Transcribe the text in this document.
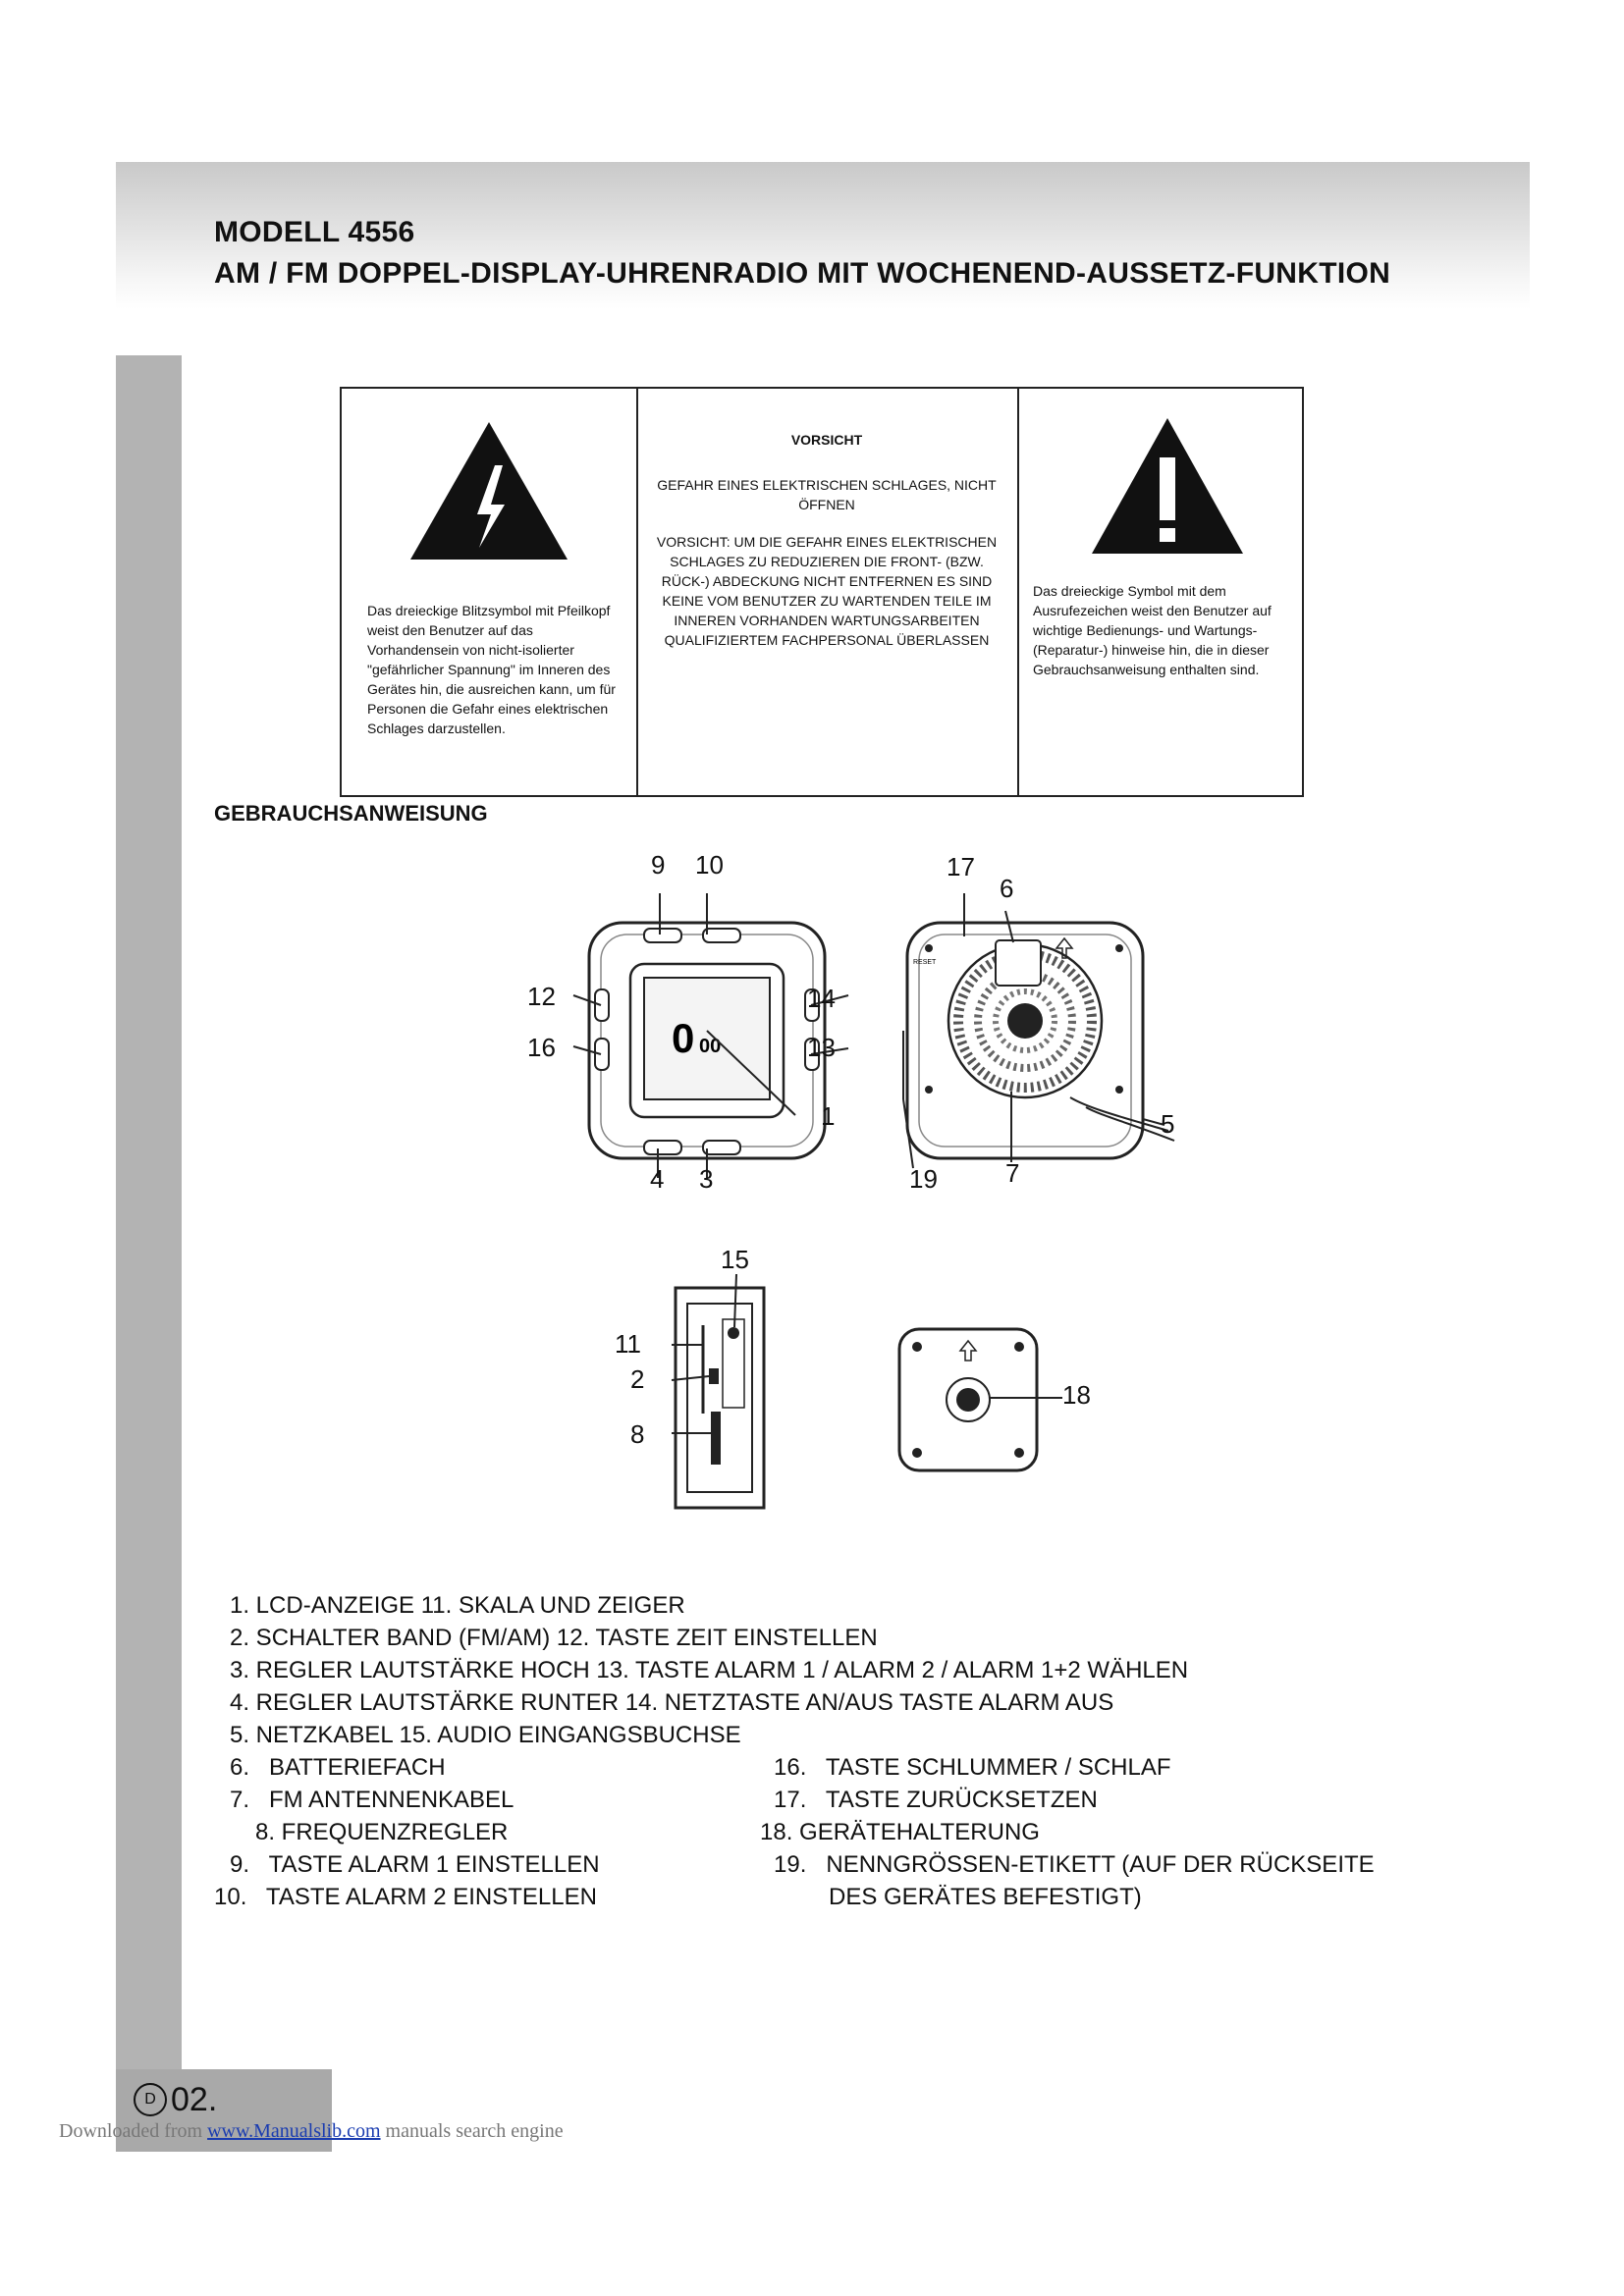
MODELL 4556
AM / FM DOPPEL-DISPLAY-UHRENRADIO MIT WOCHENEND-AUSSETZ-FUNKTION
Das dreieckige Blitzsymbol mit Pfeilkopf weist den Benutzer auf das Vorhandensein von nicht-isolierter "gefährlicher Spannung" im Inneren des Gerätes hin, die ausreichen kann, um für Personen die Gefahr eines elektrischen Schlages darzustellen.
VORSICHT
GEFAHR EINES ELEKTRISCHEN SCHLAGES, NICHT ÖFFNEN
VORSICHT: UM DIE GEFAHR EINES ELEKTRISCHEN SCHLAGES ZU REDUZIEREN DIE FRONT- (BZW. RÜCK-) ABDECKUNG NICHT ENTFERNEN ES SIND KEINE VOM BENUTZER ZU WARTENDEN TEILE IM INNEREN VORHANDEN WARTUNGSARBEITEN QUALIFIZIERTEM FACHPERSONAL ÜBERLASSEN
Das dreieckige Symbol mit dem Ausrufezeichen weist den Benutzer auf wichtige Bedienungs- und Wartungs- (Reparatur-) hinweise hin, die in dieser Gebrauchsanweisung enthalten sind.
GEBRAUCHSANWEISUNG
0 00
9 10
12	14
16	13
1
4 3
RESET
17
6
5
19	7
15
11
2
8
18
1. LCD-ANZEIGE 11. SKALA UND ZEIGER
2. SCHALTER BAND (FM/AM) 12. TASTE ZEIT EINSTELLEN
3. REGLER LAUTSTÄRKE HOCH 13. TASTE ALARM 1 / ALARM 2 / ALARM 1+2 WÄHLEN
4. REGLER LAUTSTÄRKE RUNTER 14. NETZTASTE AN/AUS TASTE ALARM AUS
5. NETZKABEL 15. AUDIO EINGANGSBUCHSE
6.   BATTERIEFACH
7.   FM ANTENNENKABEL
8. FREQUENZREGLER
9.   TASTE ALARM 1 EINSTELLEN
10.   TASTE ALARM 2 EINSTELLEN
16.   TASTE SCHLUMMER / SCHLAF
17.   TASTE ZURÜCKSETZEN
18. GERÄTEHALTERUNG
19.   NENNGRÖSSEN-ETIKETT (AUF DER RÜCKSEITE
DES GERÄTES BEFESTIGT)
D 02.
Downloaded from www.Manualslib.com manuals search engine
